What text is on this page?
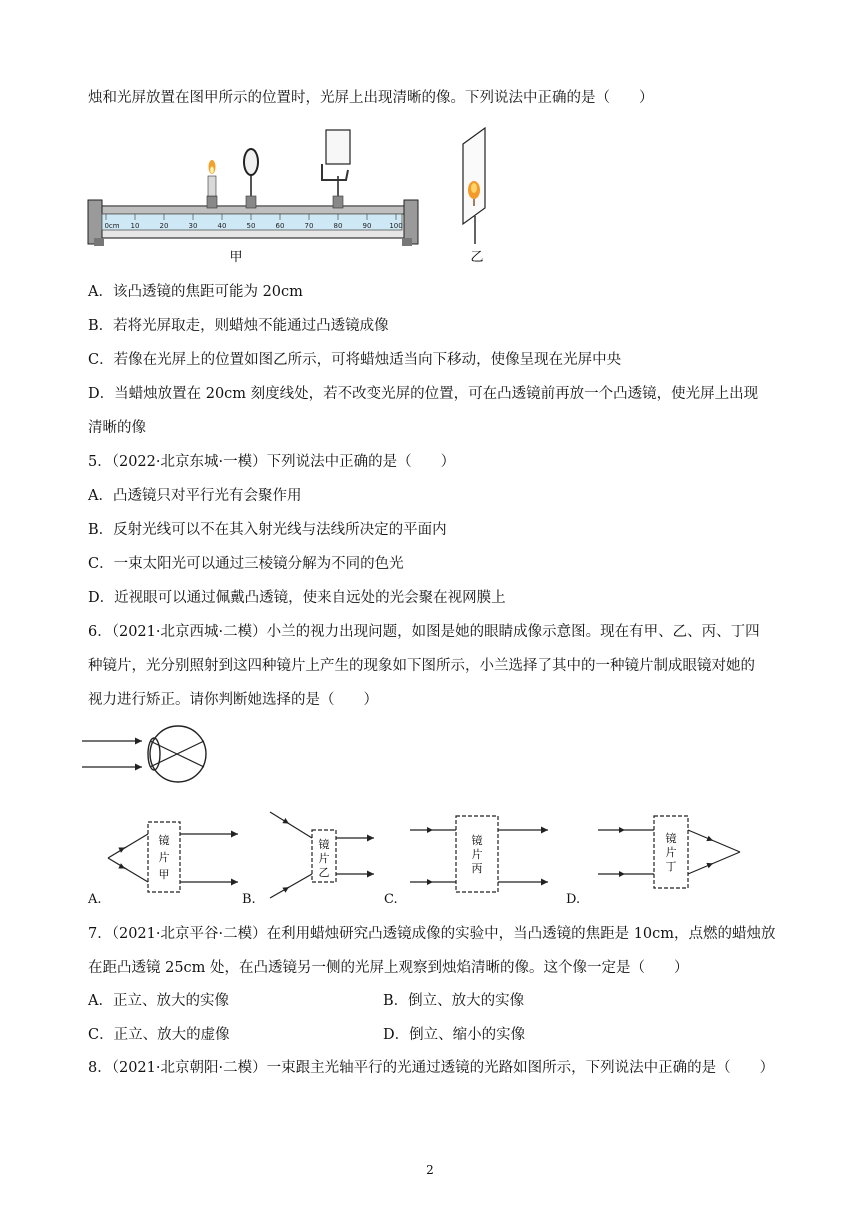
烛和光屏放置在图甲所示的位置时，光屏上出现清晰的像。下列说法中正确的是（　　）
0cm 10	20	30	40	50	60	70	80	90	100
甲	乙
A．该凸透镜的焦距可能为 20cm
B．若将光屏取走，则蜡烛不能通过凸透镜成像
C．若像在光屏上的位置如图乙所示，可将蜡烛适当向下移动，使像呈现在光屏中央
D．当蜡烛放置在 20cm 刻度线处，若不改变光屏的位置，可在凸透镜前再放一个凸透镜，使光屏上出现
清晰的像
5．（2022·北京东城·一模）下列说法中正确的是（　　）
A．凸透镜只对平行光有会聚作用
B．反射光线可以不在其入射光线与法线所决定的平面内
C．一束太阳光可以通过三棱镜分解为不同的色光
D．近视眼可以通过佩戴凸透镜，使来自远处的光会聚在视网膜上
6．（2021·北京西城·二模）小兰的视力出现问题，如图是她的眼睛成像示意图。现在有甲、乙、丙、丁四
种镜片，光分别照射到这四种镜片上产生的现象如下图所示，小兰选择了其中的一种镜片制成眼镜对她的
视力进行矫正。请你判断她选择的是（　　）
镜
片
甲
镜
片
乙
镜
片
丙
镜
片
丁
A.	B.	C.	D.
7．（2021·北京平谷·二模）在利用蜡烛研究凸透镜成像的实验中，当凸透镜的焦距是 10cm，点燃的蜡烛放
在距凸透镜 25cm 处，在凸透镜另一侧的光屏上观察到烛焰清晰的像。这个像一定是（　　）
A．正立、放大的实像	B．倒立、放大的实像
C．正立、放大的虚像	D．倒立、缩小的实像
8．（2021·北京朝阳·二模）一束跟主光轴平行的光通过透镜的光路如图所示，下列说法中正确的是（　　）
2
